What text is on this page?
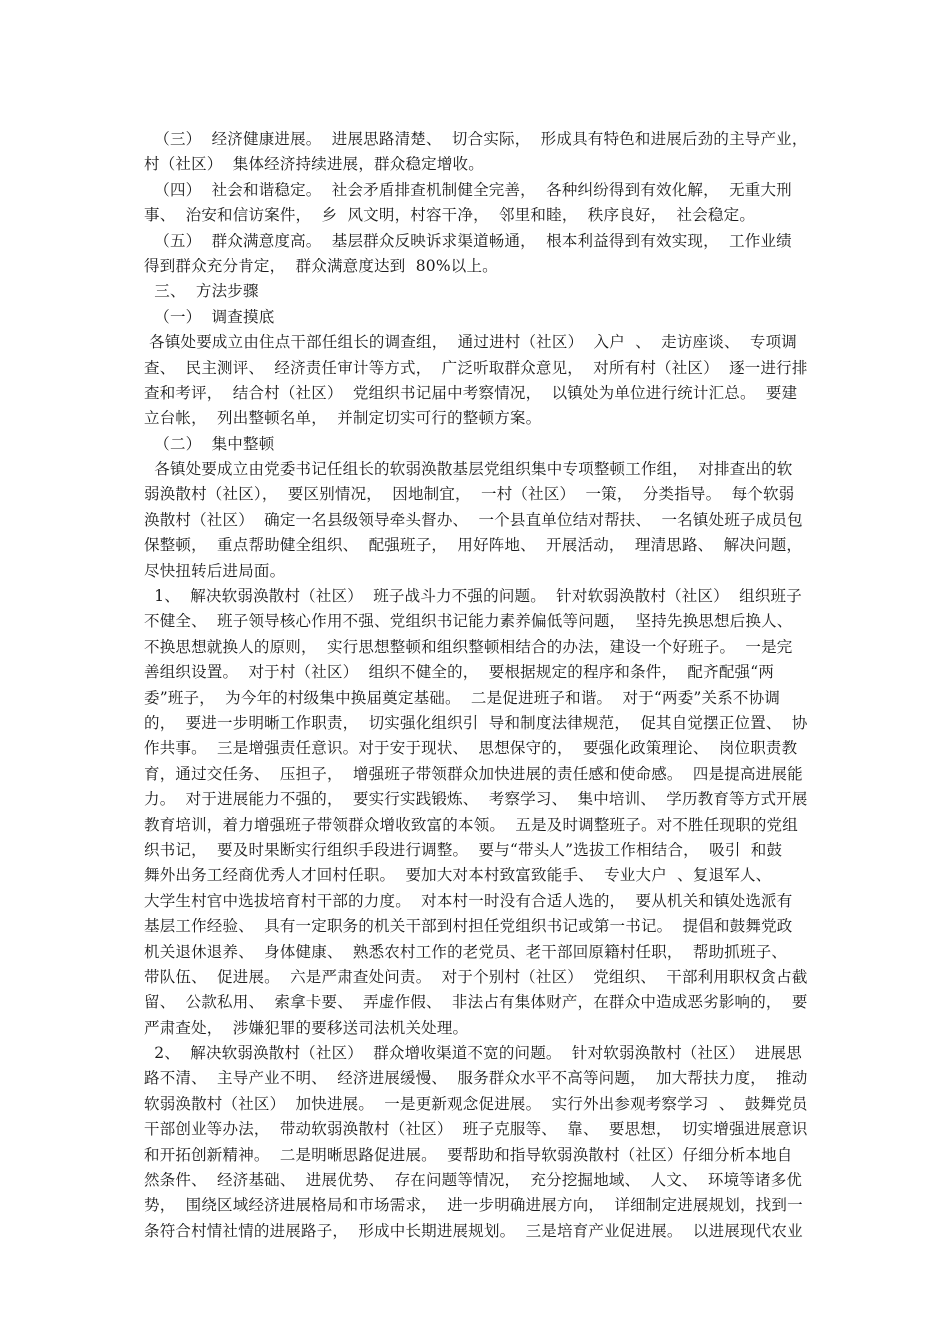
（三）  经济健康进展。  进展思路清楚、  切合实际，  形成具有特色和进展后劲的主导产业，
村（社区）  集体经济持续进展，群众稳定增收。
（四）  社会和谐稳定。  社会矛盾排查机制健全完善，  各种纠纷得到有效化解，  无重大刑
事、  治安和信访案件，  乡  风文明，村容干净，  邻里和睦，  秩序良好，  社会稳定。
（五）  群众满意度高。  基层群众反映诉求渠道畅通，  根本利益得到有效实现，  工作业绩
得到群众充分肯定，  群众满意度达到  80%以上。
三、  方法步骤
（一）  调查摸底
各镇处要成立由住点干部任组长的调查组，  通过进村（社区）  入户  、  走访座谈、  专项调
查、  民主测评、  经济责任审计等方式，  广泛听取群众意见，  对所有村（社区）  逐一进行排
查和考评，  结合村（社区）  党组织书记届中考察情况，  以镇处为单位进行统计汇总。  要建
立台帐，  列出整顿名单，  并制定切实可行的整顿方案。
（二）  集中整顿
各镇处要成立由党委书记任组长的软弱涣散基层党组织集中专项整顿工作组，  对排查出的软
弱涣散村（社区），  要区别情况，  因地制宜，  一村（社区）  一策，  分类指导。  每个软弱
涣散村（社区）  确定一名县级领导牵头督办、  一个县直单位结对帮扶、  一名镇处班子成员包
保整顿，  重点帮助健全组织、  配强班子，  用好阵地、  开展活动，  理清思路、  解决问题，
尽快扭转后进局面。
1、  解决软弱涣散村（社区）  班子战斗力不强的问题。  针对软弱涣散村（社区）  组织班子
不健全、  班子领导核心作用不强、党组织书记能力素养偏低等问题，  坚持先换思想后换人、
不换思想就换人的原则，  实行思想整顿和组织整顿相结合的办法，建设一个好班子。  一是完
善组织设置。  对于村（社区）  组织不健全的，  要根据规定的程序和条件，  配齐配强“两
委”班子，  为今年的村级集中换届奠定基础。  二是促进班子和谐。  对于“两委”关系不协调
的，  要进一步明晰工作职责，  切实强化组织引  导和制度法律规范，  促其自觉摆正位置、  协
作共事。  三是增强责任意识。对于安于现状、  思想保守的，  要强化政策理论、  岗位职责教
育，通过交任务、  压担子，  增强班子带领群众加快进展的责任感和使命感。  四是提高进展能
力。  对于进展能力不强的，  要实行实践锻炼、  考察学习、  集中培训、  学历教育等方式开展
教育培训，着力增强班子带领群众增收致富的本领。  五是及时调整班子。对不胜任现职的党组
织书记，  要及时果断实行组织手段进行调整。  要与“带头人”选拔工作相结合，  吸引  和鼓
舞外出务工经商优秀人才回村任职。  要加大对本村致富致能手、  专业大户  、复退军人、
大学生村官中选拔培育村干部的力度。  对本村一时没有合适人选的，  要从机关和镇处选派有
基层工作经验、  具有一定职务的机关干部到村担任党组织书记或第一书记。  提倡和鼓舞党政
机关退休退养、  身体健康、  熟悉农村工作的老党员、老干部回原籍村任职，  帮助抓班子、
带队伍、  促进展。  六是严肃查处问责。  对于个别村（社区）  党组织、  干部利用职权贪占截
留、  公款私用、  索拿卡要、  弄虚作假、  非法占有集体财产，在群众中造成恶劣影响的，  要
严肃查处，  涉嫌犯罪的要移送司法机关处理。
2、  解决软弱涣散村（社区）  群众增收渠道不宽的问题。  针对软弱涣散村（社区）  进展思
路不清、  主导产业不明、  经济进展缓慢、  服务群众水平不高等问题，  加大帮扶力度，  推动
软弱涣散村（社区）  加快进展。  一是更新观念促进展。  实行外出参观考察学习  、  鼓舞党员
干部创业等办法，  带动软弱涣散村（社区）  班子克服等、  靠、  要思想，  切实增强进展意识
和开拓创新精神。  二是明晰思路促进展。  要帮助和指导软弱涣散村（社区）仔细分析本地自
然条件、  经济基础、  进展优势、  存在问题等情况，  充分挖掘地域、  人文、  环境等诸多优
势，  围绕区域经济进展格局和市场需求，  进一步明确进展方向，  详细制定进展规划，找到一
条符合村情社情的进展路子，  形成中长期进展规划。  三是培育产业促进展。  以进展现代农业
